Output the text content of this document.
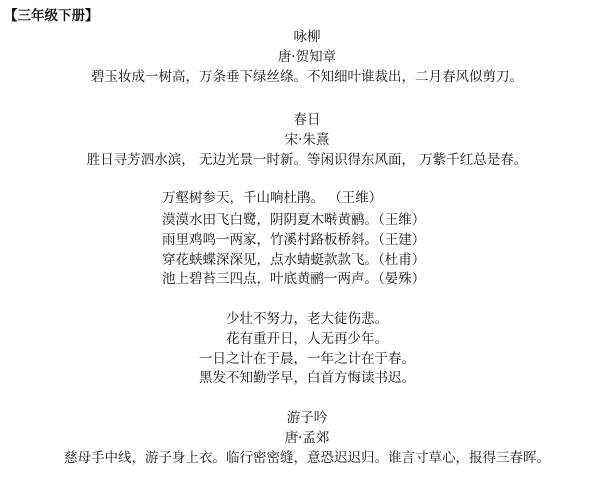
【三年级下册】
咏柳
唐·贺知章
碧玉妆成一树高，万条垂下绿丝绦。不知细叶谁裁出，二月春风似剪刀。
春日
宋·朱熹
胜日寻芳泗水滨， 无边光景一时新。等闲识得东风面， 万紫千红总是春。
万壑树参天，千山响杜鹃。 （王维）
漠漠水田飞白鹭，阴阴夏木啭黄鹂。（王维）
雨里鸡鸣一两家，竹溪村路板桥斜。（王建）
穿花蛱蝶深深见，点水蜻蜓款款飞。（杜甫）
池上碧苔三四点，叶底黄鹂一两声。（晏殊）
少壮不努力，老大徒伤悲。
花有重开日，人无再少年。
一日之计在于晨，一年之计在于春。
黑发不知勤学早，白首方悔读书迟。
游子吟
唐·孟郊
慈母手中线，游子身上衣。临行密密缝，意恐迟迟归。谁言寸草心，报得三春晖。
